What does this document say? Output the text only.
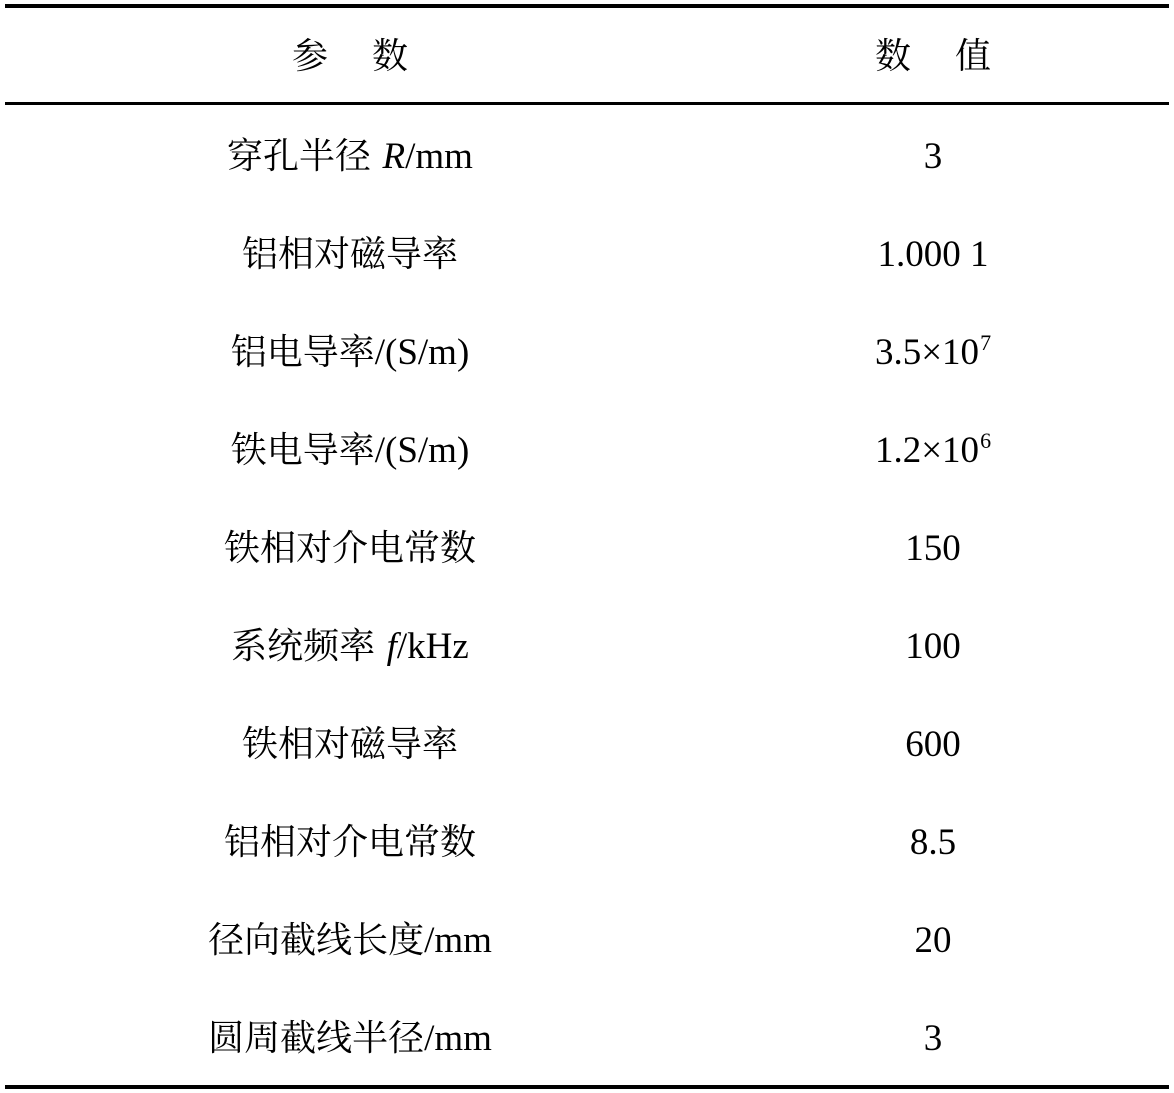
参 数	数 值
穿孔半径 R/mm	3
铝相对磁导率	1.000 1
铝电导率/(S/m)	$3.5\times 10^7$
铁电导率/(S/m)	$1.2\times 10^6$
铁相对介电常数	150
系统频率 f/kHz	100
铁相对磁导率	600
铝相对介电常数	8.5
径向截线长度/mm	20
圆周截线半径/mm	3
